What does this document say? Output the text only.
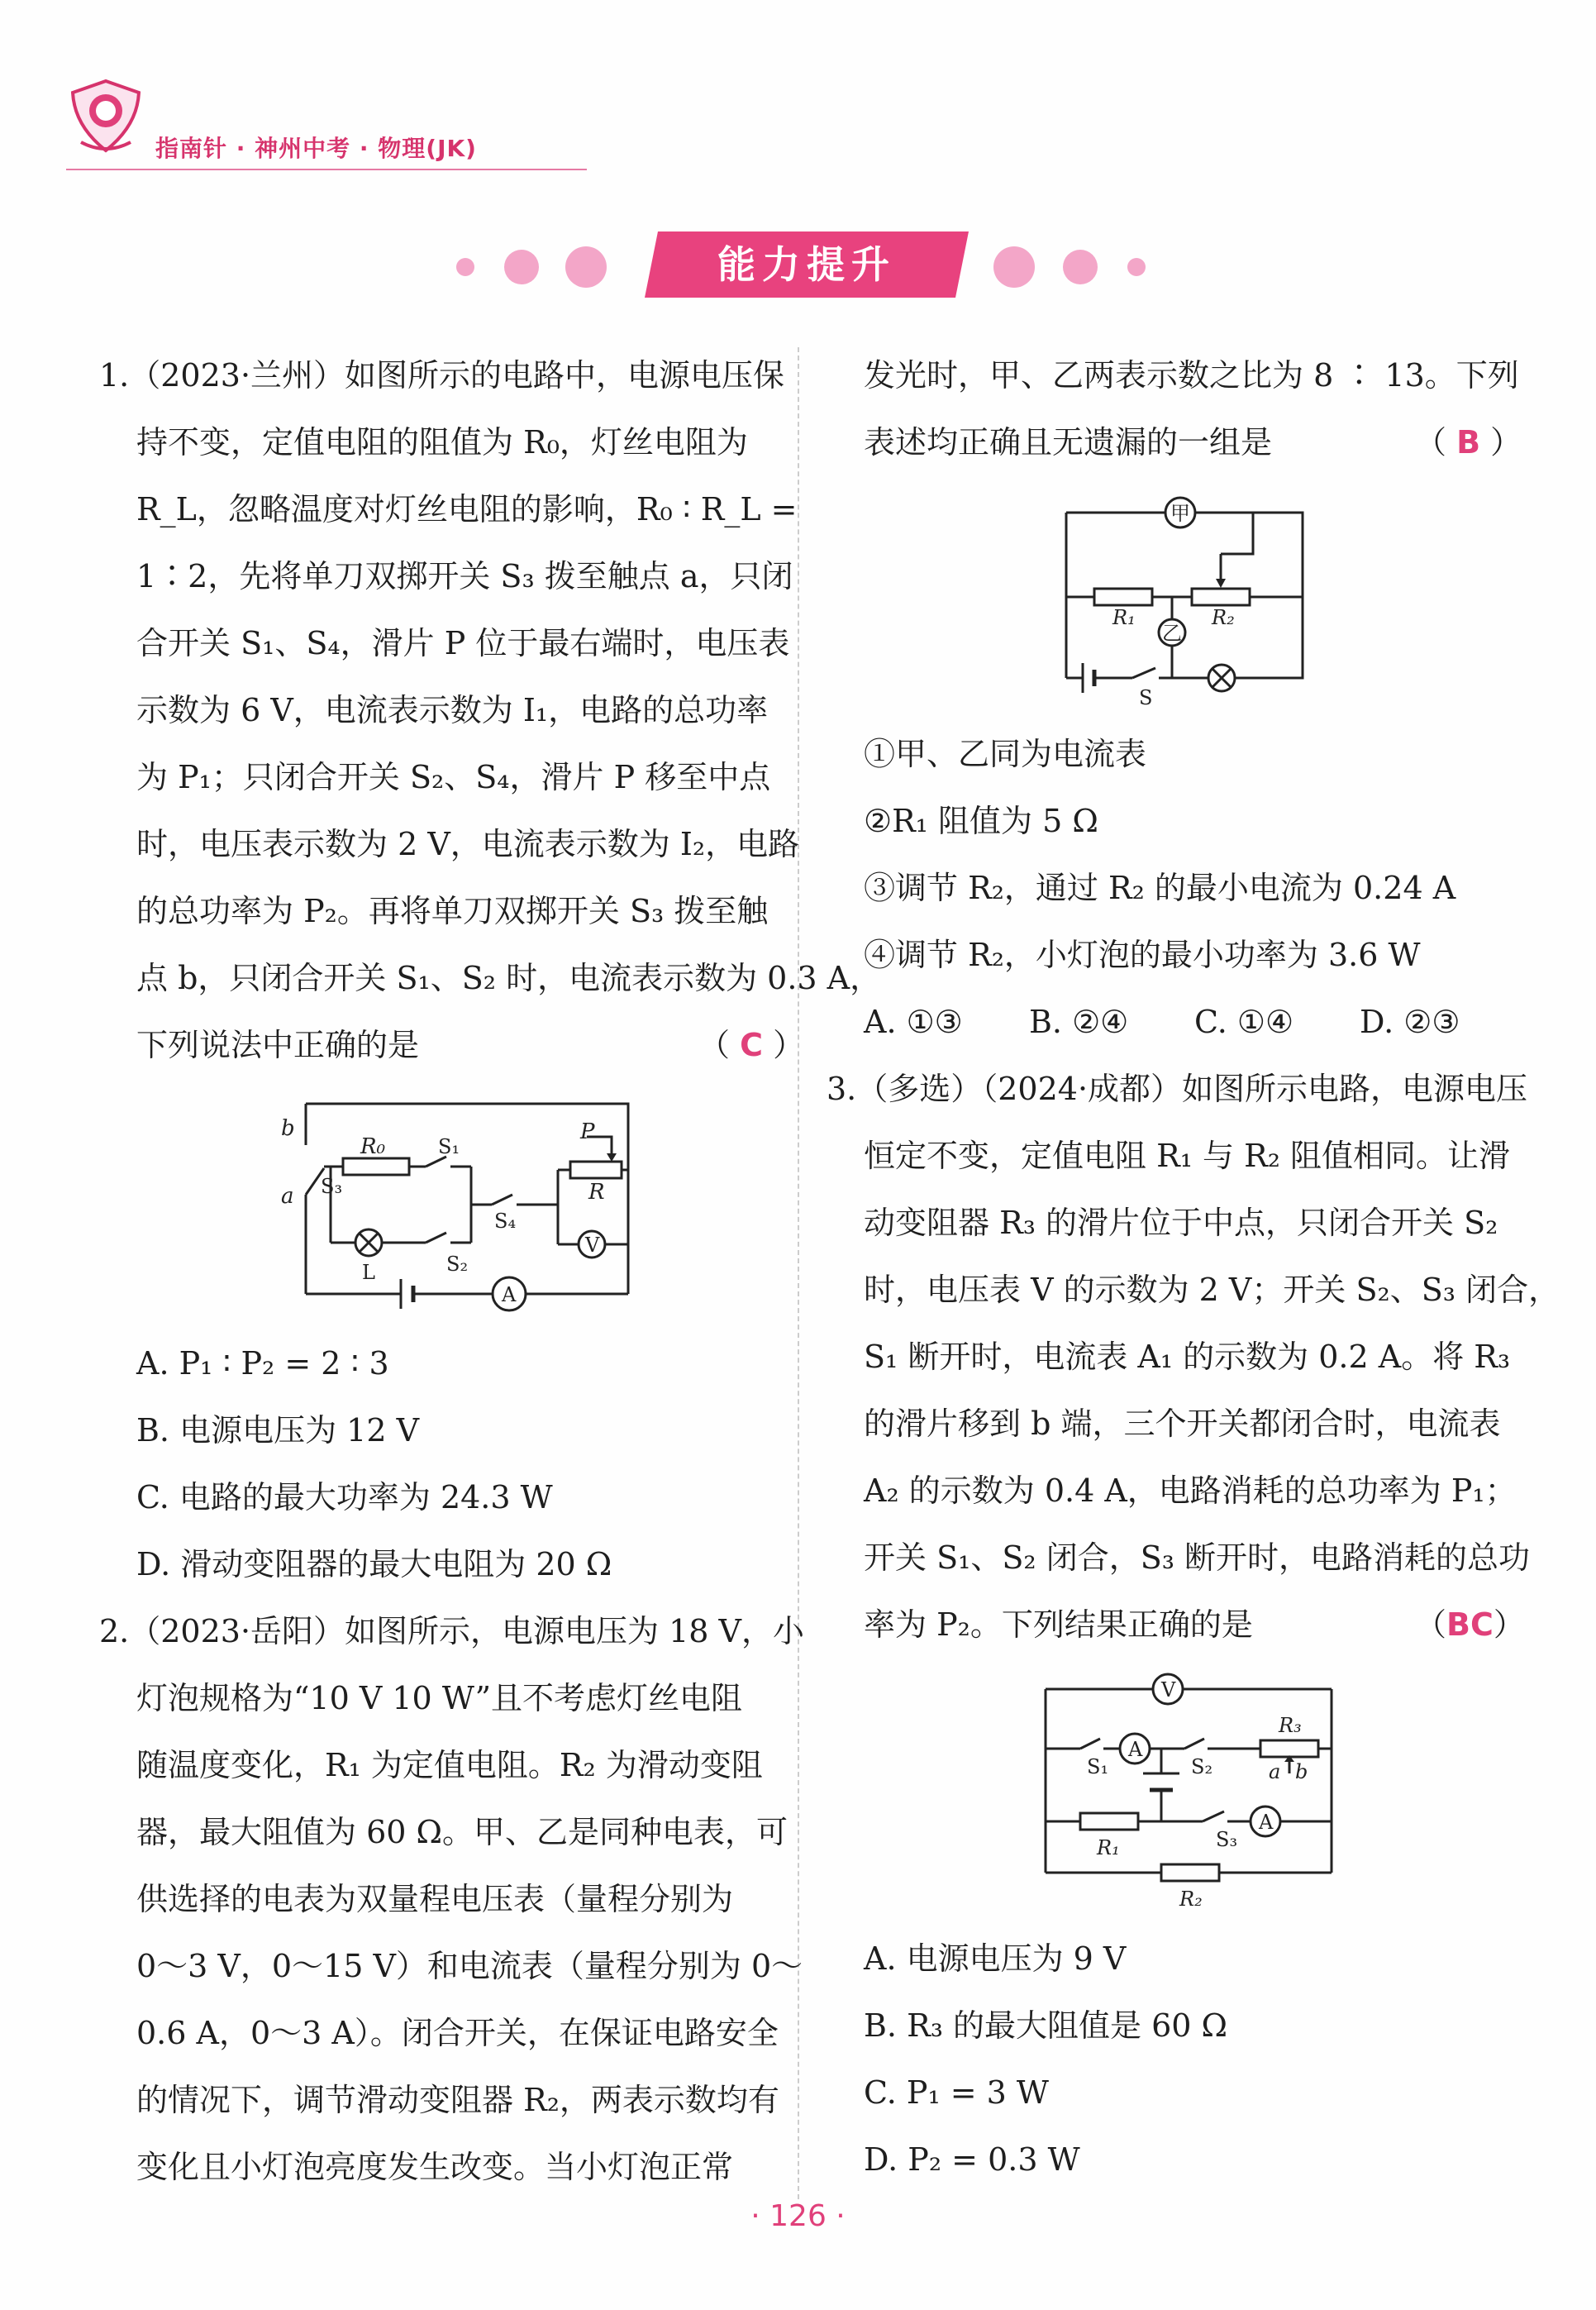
指南针 · 神州中考 · 物理(JK)
能力提升
1.（2023·兰州）如图所示的电路中，电源电压保
持不变，定值电阻的阻值为 R₀，灯丝电阻为
R_L，忽略温度对灯丝电阻的影响，R₀ ∶ R_L =
1∶2，先将单刀双掷开关 S₃ 拨至触点 a，只闭
合开关 S₁、S₄，滑片 P 位于最右端时，电压表
示数为 6 V，电流表示数为 I₁，电路的总功率
为 P₁；只闭合开关 S₂、S₄，滑片 P 移至中点
时，电压表示数为 2 V，电流表示数为 I₂，电路
的总功率为 P₂。再将单刀双掷开关 S₃ 拨至触
点 b，只闭合开关 S₁、S₂ 时，电流表示数为 0.3 A，
下列说法中正确的是	（ C ）
b
a
P
R
R₀
S₃
S₁
S₄
S₂
L
V
A
A. P₁ ∶ P₂ = 2 ∶ 3
B. 电源电压为 12 V
C. 电路的最大功率为 24.3 W
D. 滑动变阻器的最大电阻为 20 Ω
2.（2023·岳阳）如图所示，电源电压为 18 V，小
灯泡规格为“10 V 10 W”且不考虑灯丝电阻
随温度变化，R₁ 为定值电阻。R₂ 为滑动变阻
器，最大阻值为 60 Ω。甲、乙是同种电表，可
供选择的电表为双量程电压表（量程分别为
0～3 V，0～15 V）和电流表（量程分别为 0～
0.6 A，0～3 A）。闭合开关，在保证电路安全
的情况下，调节滑动变阻器 R₂，两表示数均有
变化且小灯泡亮度发生改变。当小灯泡正常
发光时，甲、乙两表示数之比为 8 ∶ 13。下列
表述均正确且无遗漏的一组是	（ B ）
甲
乙
R₁	R₂
S
①甲、乙同为电流表
②R₁ 阻值为 5 Ω
③调节 R₂，通过 R₂ 的最小电流为 0.24 A
④调节 R₂，小灯泡的最小功率为 3.6 W
A. ①③ B. ②④ C. ①④ D. ②③
3.（多选）（2024·成都）如图所示电路，电源电压
恒定不变，定值电阻 R₁ 与 R₂ 阻值相同。让滑
动变阻器 R₃ 的滑片位于中点，只闭合开关 S₂
时，电压表 V 的示数为 2 V；开关 S₂、S₃ 闭合，
S₁ 断开时，电流表 A₁ 的示数为 0.2 A。将 R₃
的滑片移到 b 端，三个开关都闭合时，电流表
A₂ 的示数为 0.4 A，电路消耗的总功率为 P₁；
开关 S₁、S₂ 闭合，S₃ 断开时，电路消耗的总功
率为 P₂。下列结果正确的是	（BC）
V
A
A
R₃
a b
S₁	S₂
S₃
R₁
R₂
A. 电源电压为 9 V
B. R₃ 的最大阻值是 60 Ω
C. P₁ = 3 W
D. P₂ = 0.3 W
· 126 ·
